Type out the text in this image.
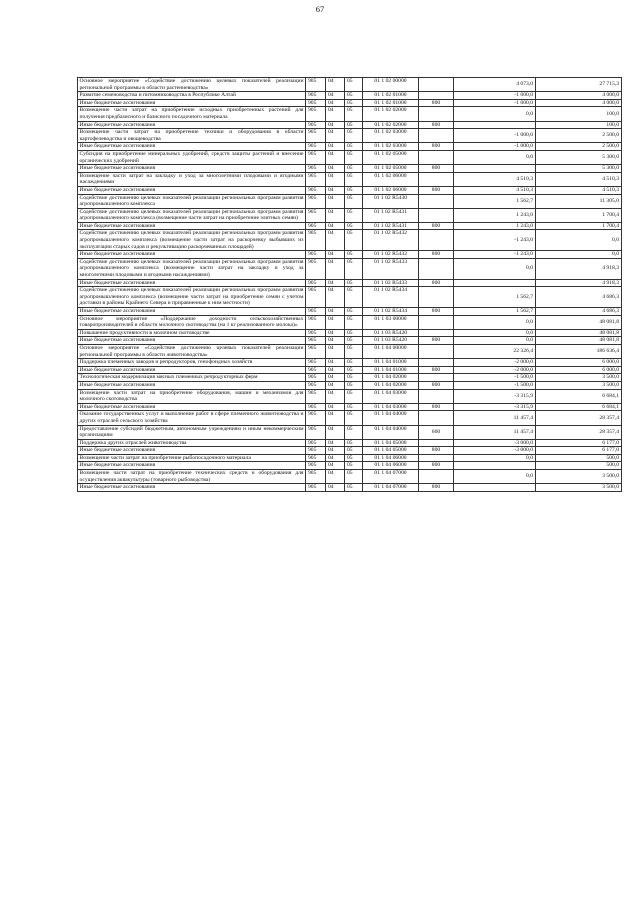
67
Основное мероприятие «Содействие достижению целевых показателей реализации региональной программы в области растениеводства»	905	04	05	01 1 02 00000		4 073,0	27 715,3
Развитие семеноводства и питомниководства в Республике Алтай	905	04	05	01 1 02 01000		-1 000,0	4 000,0
Иные бюджетные ассигнования	905	04	05	01 1 02 01000	800	-1 000,0	4 000,0
Возмещение части затрат на приобретение исходных приобретенных растений для получения предбазисного и базисного посадочного материала	905	04	05	01 1 02 02000		0,0	100,0
Иные бюджетные ассигнования	905	04	05	01 1 02 02000	800		100,0
Возмещение части затрат на приобретение техники и оборудования в области картофелеводства и овощеводства	905	04	05	01 1 02 03000		-1 000,0	2 500,0
Иные бюджетные ассигнования	905	04	05	01 1 02 03000	800	-1 000,0	2 500,0
Субсидия на приобретение минеральных удобрений, средств защиты растений и внесение органических удобрений	905	04	05	01 1 02 05000		0,0	5 300,0
Иные бюджетные ассигнования	905	04	05	01 1 02 05000	800		5 300,0
Возмещение части затрат на закладку и уход за многолетними плодовыми и ягодными насаждениями	905	04	05	01 1 02 06000		4 510,3	4 510,3
Иные бюджетные ассигнования	905	04	05	01 1 02 06000	800	4 510,3	4 510,3
Содействие достижению целевых показателей реализации региональных программ развития агропромышленного комплекса	905	04	05	01 1 02 R5430		1 562,7	11 305,0
Содействие достижению целевых показателей реализации региональных программ развития агропромышленного комплекса (возмещение части затрат на приобретение элитных семян)	905	04	05	01 1 02 R5431		1 243,0	1 700,4
Иные бюджетные ассигнования	905	04	05	01 1 02 R5431	800	1 243,0	1 700,4
Содействие достижению целевых показателей реализации региональных программ развития агропромышленного комплекса (возмещение части затрат на раскорчевку выбывших из эксплуатации старых садов и рекультивацию раскорчеванных площадей)	905	04	05	01 1 02 R5432		-1 243,0	0,0
Иные бюджетные ассигнования	905	04	05	01 1 02 R5432	800	-1 243,0	0,0
Содействие достижению целевых показателей реализации региональных программ развития агропромышленного комплекса (возмещение части затрат на закладку и уход за многолетними плодовыми и ягодными насаждениями)	905	04	05	01 1 02 R5433		0,0	4 918,3
Иные бюджетные ассигнования	905	04	05	01 1 02 R5433	800		4 918,3
Содействие достижению целевых показателей реализации региональных программ развития агропромышленного комплекса (возмещение части затрат на приобретение семян с учетом доставки в районы Крайнего Севера и приравненные к ним местности)	905	04	05	01 1 02 R5434		1 562,7	4 686,3
Иные бюджетные ассигнования	905	04	05	01 1 02 R5434	800	1 562,7	4 686,3
Основное мероприятие «Поддержание доходности сельскохозяйственных товаропроизводителей в области молочного скотоводства (на 1 кг реализованного молока)»	905	04	05	01 1 03 00000		0,0	48 081,8
Повышение продуктивности в молочном скотоводстве	905	04	05	01 1 03 R5420		0,0	48 081,8
Иные бюджетные ассигнования	905	04	05	01 1 03 R5420	800	0,0	48 081,8
Основное мероприятие «Содействие достижению целевых показателей реализации региональной программы в области животноводства»	905	04	05	01 1 04 00000		22 326,4	186 636,4
Поддержка племенных заводов и репродукторов, генофондных хозяйств	905	04	05	01 1 04 01000		-2 000,0	6 000,0
Иные бюджетные ассигнования	905	04	05	01 1 04 01000	800	-2 000,0	6 000,0
Технологическая модернизация мясных племенных репродукторных ферм	905	04	05	01 1 04 02000		-1 500,0	3 500,0
Иные бюджетные ассигнования	905	04	05	01 1 04 02000	800	-1 500,0	3 500,0
Возмещение части затрат на приобретение оборудования, машин и механизмов для молочного скотоводства	905	04	05	01 1 04 03000		-3 315,9	6 684,1
Иные бюджетные ассигнования	905	04	05	01 1 04 03000	800	-3 315,9	6 684,1
Оказание государственных услуг и выполнение работ в сфере племенного животноводства и других отраслей сельского хозяйства	905	04	05	01 1 04 04000		11 457,4	28 357,4
Предоставление субсидий бюджетным, автономным учреждениям и иным некоммерческим организациям	905	04	05	01 1 04 04000	600	11 457,4	28 357,4
Поддержка других отраслей животноводства	905	04	05	01 1 04 05000		-3 000,0	6 177,0
Иные бюджетные ассигнования	905	04	05	01 1 04 05000	800	-3 000,0	6 177,0
Возмещение части затрат на приобретение рыбопосадочного материала	905	04	05	01 1 04 06000		0,0	500,0
Иные бюджетные ассигнования	905	04	05	01 1 04 06000	800		500,0
Возмещение части затрат на приобретение технических средств и оборудования для осуществления аквакультуры (товарного рыбоводства)	905	04	05	01 1 04 07000		0,0	3 500,0
Иные бюджетные ассигнования	905	04	05	01 1 04 07000	800		3 500,0
